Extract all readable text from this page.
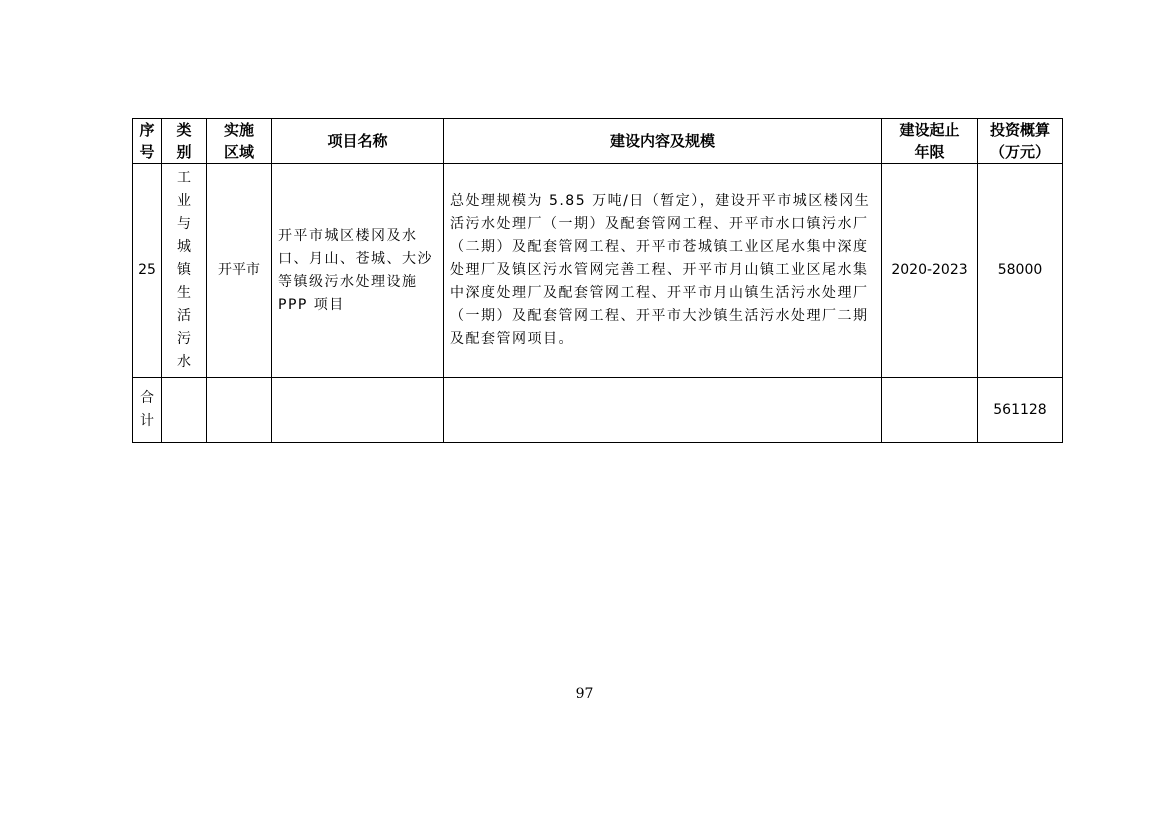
序号	类别	实施区域	项目名称	建设内容及规模	建设起止年限	投资概算（万元）
25	工业与城镇生活污水	开平市	开平市城区楼冈及水口、月山、苍城、大沙等镇级污水处理设施 PPP 项目	总处理规模为 5.85 万吨/日（暂定），建设开平市城区楼冈生活污水处理厂（一期）及配套管网工程、开平市水口镇污水厂（二期）及配套管网工程、开平市苍城镇工业区尾水集中深度处理厂及镇区污水管网完善工程、开平市月山镇工业区尾水集中深度处理厂及配套管网工程、开平市月山镇生活污水处理厂（一期）及配套管网工程、开平市大沙镇生活污水处理厂二期及配套管网项目。	2020-2023	58000
合计						561128
97
